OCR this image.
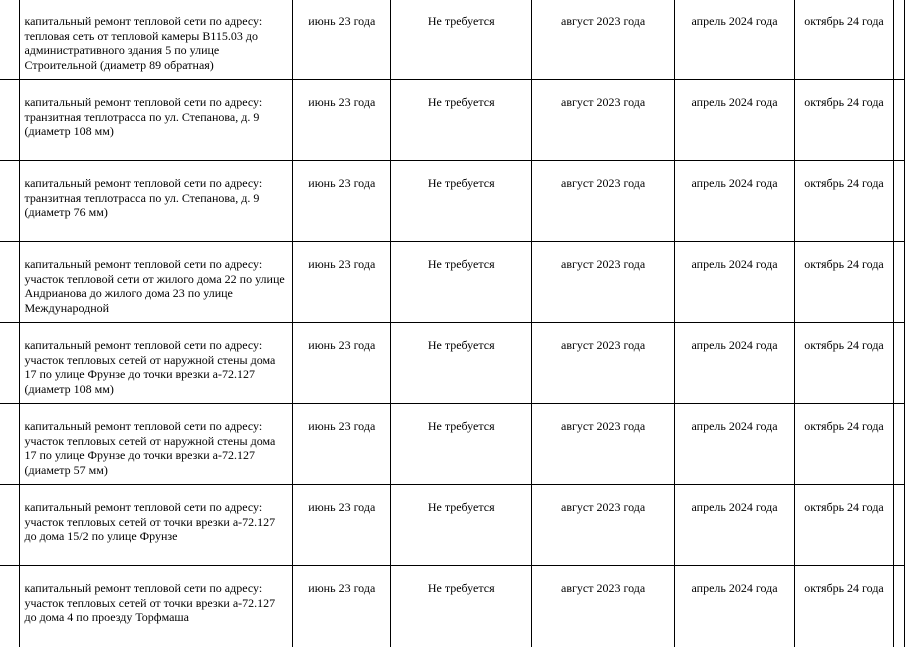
	капитальный ремонт тепловой сети по адресу: тепловая сеть от тепловой камеры В115.03 до административного здания 5 по улице Строительной (диаметр 89 обратная)	июнь 23 года	Не требуется	август 2023 года	апрель 2024 года	октябрь 24 года	
	капитальный ремонт тепловой сети по адресу: транзитная теплотрасса по ул. Степанова, д. 9 (диаметр 108 мм)	июнь 23 года	Не требуется	август 2023 года	апрель 2024 года	октябрь 24 года	
	капитальный ремонт тепловой сети по адресу: транзитная теплотрасса по ул. Степанова, д. 9 (диаметр 76 мм)	июнь 23 года	Не требуется	август 2023 года	апрель 2024 года	октябрь 24 года	
	капитальный ремонт тепловой сети по адресу: участок тепловой сети от жилого дома 22 по улице Андрианова до жилого дома 23 по улице Международной	июнь 23 года	Не требуется	август 2023 года	апрель 2024 года	октябрь 24 года	
	капитальный ремонт тепловой сети по адресу: участок тепловых сетей от наружной стены дома 17 по улице Фрунзе до точки врезки а-72.127 (диаметр 108 мм)	июнь 23 года	Не требуется	август 2023 года	апрель 2024 года	октябрь 24 года	
	капитальный ремонт тепловой сети по адресу: участок тепловых сетей от наружной стены дома 17 по улице Фрунзе до точки врезки а-72.127 (диаметр 57 мм)	июнь 23 года	Не требуется	август 2023 года	апрель 2024 года	октябрь 24 года	
	капитальный ремонт тепловой сети по адресу: участок тепловых сетей от точки врезки а-72.127 до дома 15/2 по улице Фрунзе	июнь 23 года	Не требуется	август 2023 года	апрель 2024 года	октябрь 24 года	
	капитальный ремонт тепловой сети по адресу: участок тепловых сетей от точки врезки а-72.127 до дома 4 по проезду Торфмаша	июнь 23 года	Не требуется	август 2023 года	апрель 2024 года	октябрь 24 года	
